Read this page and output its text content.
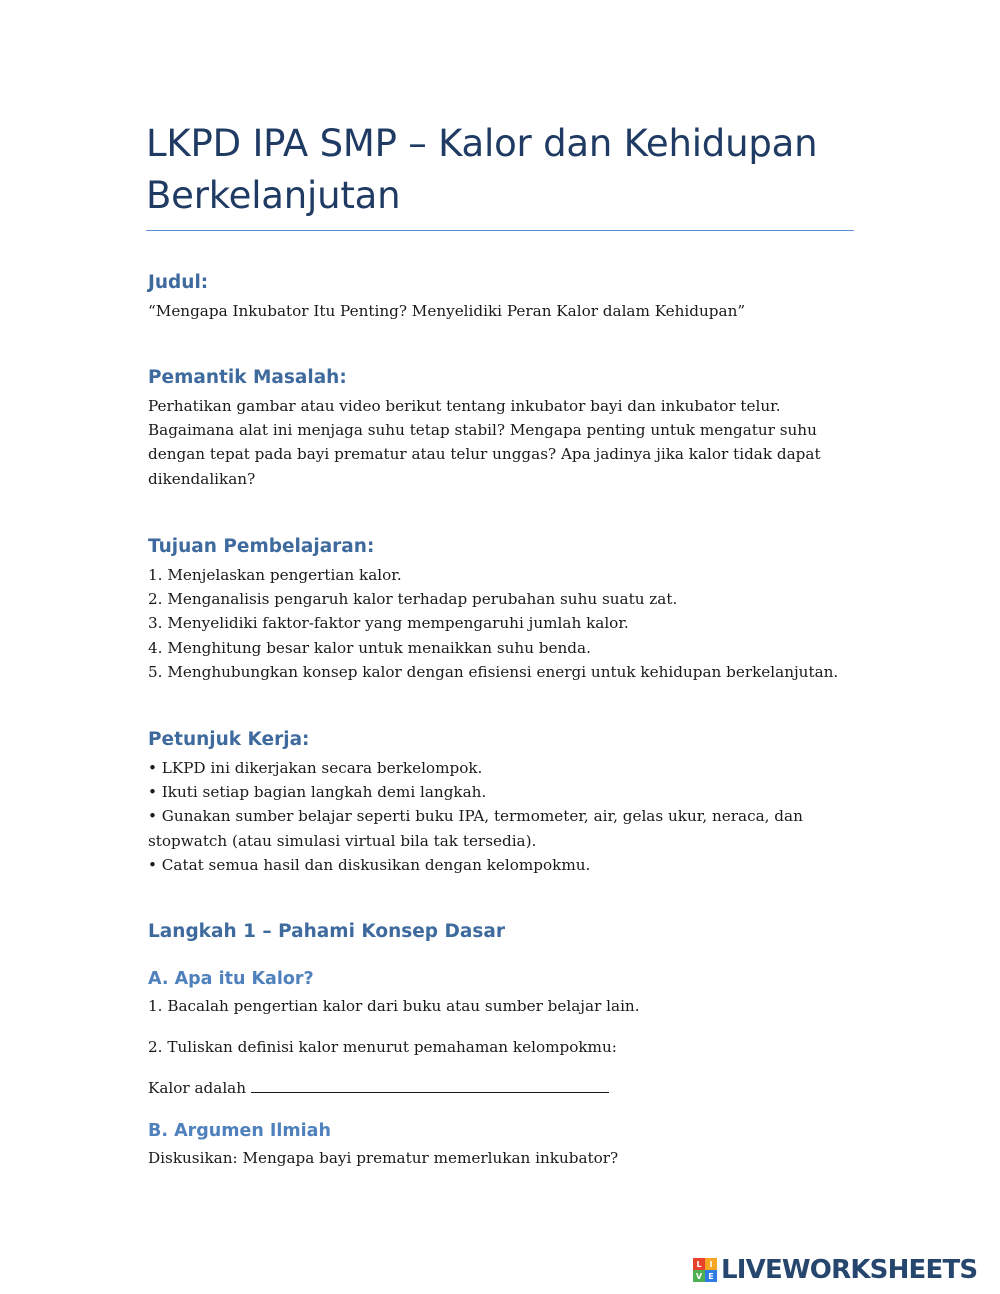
LKPD IPA SMP – Kalor dan Kehidupan Berkelanjutan
Judul:

“Mengapa Inkubator Itu Penting? Menyelidiki Peran Kalor dalam Kehidupan”

Pemantik Masalah:

Perhatikan gambar atau video berikut tentang inkubator bayi dan inkubator telur.

Bagaimana alat ini menjaga suhu tetap stabil? Mengapa penting untuk mengatur suhu

dengan tepat pada bayi prematur atau telur unggas? Apa jadinya jika kalor tidak dapat

dikendalikan?

Tujuan Pembelajaran:

1. Menjelaskan pengertian kalor.

2. Menganalisis pengaruh kalor terhadap perubahan suhu suatu zat.

3. Menyelidiki faktor-faktor yang mempengaruhi jumlah kalor.

4. Menghitung besar kalor untuk menaikkan suhu benda.

5. Menghubungkan konsep kalor dengan efisiensi energi untuk kehidupan berkelanjutan.

Petunjuk Kerja:

• LKPD ini dikerjakan secara berkelompok.

• Ikuti setiap bagian langkah demi langkah.

• Gunakan sumber belajar seperti buku IPA, termometer, air, gelas ukur, neraca, dan

stopwatch (atau simulasi virtual bila tak tersedia).

• Catat semua hasil dan diskusikan dengan kelompokmu.

Langkah 1 – Pahami Konsep Dasar
A. Apa itu Kalor?

1. Bacalah pengertian kalor dari buku atau sumber belajar lain.

2. Tuliskan definisi kalor menurut pemahaman kelompokmu:

Kalor adalah

B. Argumen Ilmiah

Diskusikan: Mengapa bayi prematur memerlukan inkubator?

L I
V E LIVEWORKSHEETS
